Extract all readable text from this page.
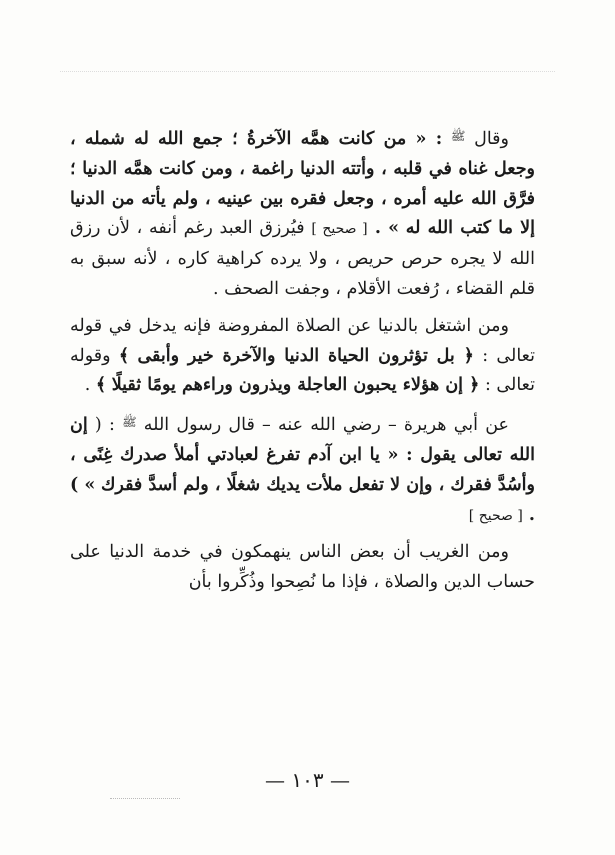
وقال $^ﷺ$ : « من كانت همَّه الآخرةُ ؛ جمع الله له شمله ، وجعل غناه في قلبه ، وأتته الدنيا راغمة ، ومن كانت همَّه الدنيا ؛ فرَّق الله عليه أمره ، وجعل فقره بين عينيه ، ولم يأته من الدنيا إلا ما كتب الله له » . [ صحيح ] فيُرزق العبد رغم أنفه ، لأن رزق الله لا يجره حرص حريص ، ولا يرده كراهية كاره ، لأنه سبق به قلم القضاء ، رُفعت الأقلام ، وجفت الصحف .

ومن اشتغل بالدنيا عن الصلاة المفروضة فإنه يدخل في قوله تعالى : ﴿ بل تؤثرون الحياة الدنيا والآخرة خير وأبقى ﴾ وقوله تعالى : ﴿ إن هؤلاء يحبون العاجلة ويذرون وراءهم يومًا ثقيلًا ﴾ .

عن أبي هريرة – رضي الله عنه – قال رسول الله $^ﷺ$ : ( إن الله تعالى يقول : « يا ابن آدم تفرغ لعبادتي أملأ صدرك غِنًى ، وأسُدَّ فقرك ، وإن لا تفعل ملأت يديك شغلًا ، ولم أسدَّ فقرك » ) . [ صحيح ]

ومن الغريب أن بعض الناس ينهمكون في خدمة الدنيا على حساب الدين والصلاة ، فإذا ما نُصِحوا وذُكِّروا بأن

— ١٠٣ —
